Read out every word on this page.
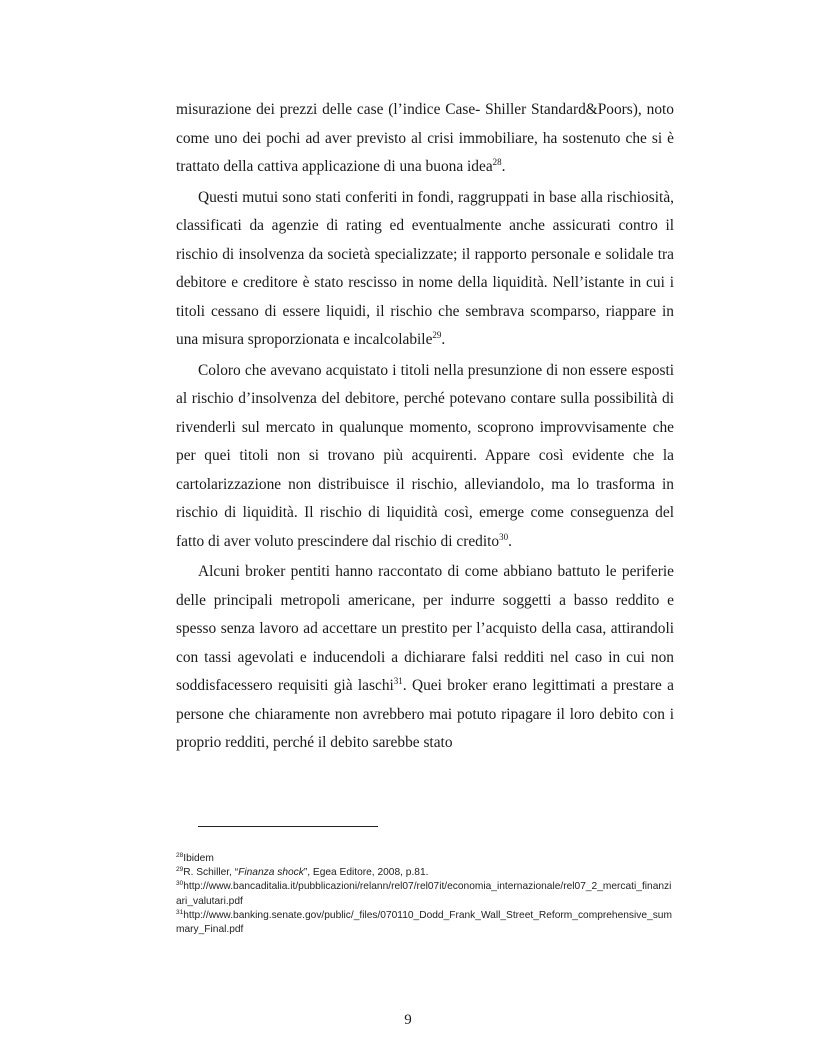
misurazione dei prezzi delle case (l’indice Case- Shiller Standard&Poors), noto come uno dei pochi ad aver previsto al crisi immobiliare, ha sostenuto che si è trattato della cattiva applicazione di una buona idea$^{28}$.

Questi mutui sono stati conferiti in fondi, raggruppati in base alla rischiosità, classificati da agenzie di rating ed eventualmente anche assicurati contro il rischio di insolvenza da società specializzate; il rapporto personale e solidale tra debitore e creditore è stato rescisso in nome della liquidità. Nell’istante in cui i titoli cessano di essere liquidi, il rischio che sembrava scomparso, riappare in una misura sproporzionata e incalcolabile$^{29}$.

Coloro che avevano acquistato i titoli nella presunzione di non essere esposti al rischio d’insolvenza del debitore, perché potevano contare sulla possibilità di rivenderli sul mercato in qualunque momento, scoprono improvvisamente che per quei titoli non si trovano più acquirenti. Appare così evidente che la cartolarizzazione non distribuisce il rischio, alleviandolo, ma lo trasforma in rischio di liquidità. Il rischio di liquidità così, emerge come conseguenza del fatto di aver voluto prescindere dal rischio di credito$^{30}$.

Alcuni broker pentiti hanno raccontato di come abbiano battuto le periferie delle principali metropoli americane, per indurre soggetti a basso reddito e spesso senza lavoro ad accettare un prestito per l’acquisto della casa, attirandoli con tassi agevolati e inducendoli a dichiarare falsi redditi nel caso in cui non soddisfacessero requisiti già laschi$^{31}$. Quei broker erano legittimati a prestare a persone che chiaramente non avrebbero mai potuto ripagare il loro debito con i proprio redditi, perché il debito sarebbe stato

$^{28}$Ibidem

$^{29}$R. Schiller, “Finanza shock”, Egea Editore, 2008, p.81.

$^{30}$http://www.bancaditalia.it/pubblicazioni/relann/rel07/rel07it/economia_internazionale/rel07_2_mercati_finanziari_valutari.pdf

$^{31}$http://www.banking.senate.gov/public/_files/070110_Dodd_Frank_Wall_Street_Reform_comprehensive_summary_Final.pdf

9
